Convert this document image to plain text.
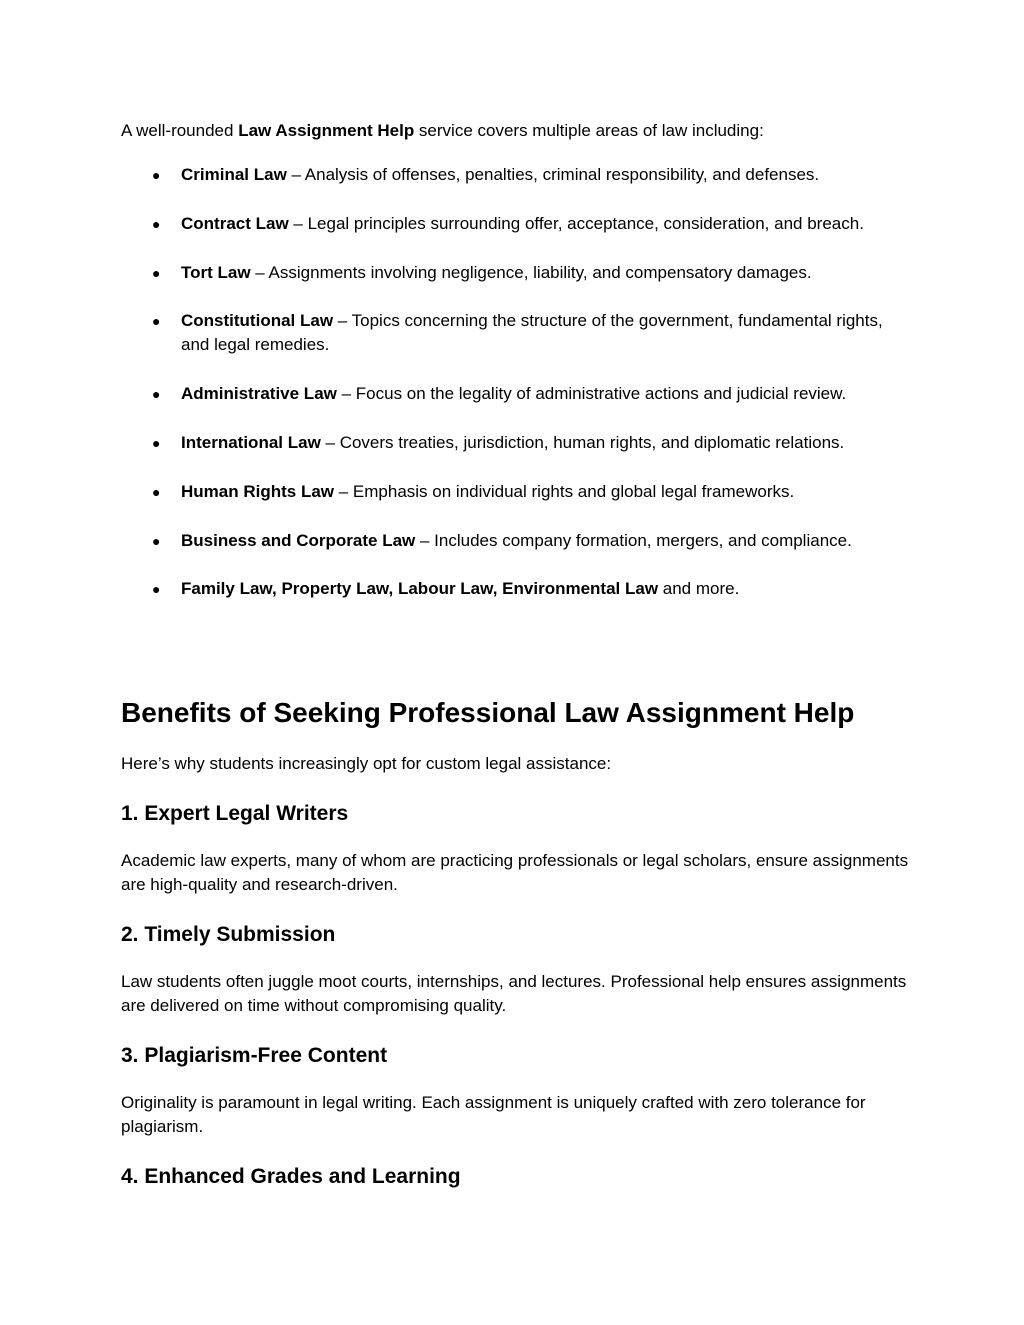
A well-rounded Law Assignment Help service covers multiple areas of law including:

● Criminal Law – Analysis of offenses, penalties, criminal responsibility, and defenses.
● Contract Law – Legal principles surrounding offer, acceptance, consideration, and breach.
● Tort Law – Assignments involving negligence, liability, and compensatory damages.
● Constitutional Law – Topics concerning the structure of the government, fundamental rights, and legal remedies.
● Administrative Law – Focus on the legality of administrative actions and judicial review.
● International Law – Covers treaties, jurisdiction, human rights, and diplomatic relations.
● Human Rights Law – Emphasis on individual rights and global legal frameworks.
● Business and Corporate Law – Includes company formation, mergers, and compliance.
● Family Law, Property Law, Labour Law, Environmental Law and more.
Benefits of Seeking Professional Law Assignment Help

Here’s why students increasingly opt for custom legal assistance:

1. Expert Legal Writers

Academic law experts, many of whom are practicing professionals or legal scholars, ensure assignments are high-quality and research-driven.

2. Timely Submission

Law students often juggle moot courts, internships, and lectures. Professional help ensures assignments are delivered on time without compromising quality.

3. Plagiarism-Free Content

Originality is paramount in legal writing. Each assignment is uniquely crafted with zero tolerance for plagiarism.

4. Enhanced Grades and Learning
